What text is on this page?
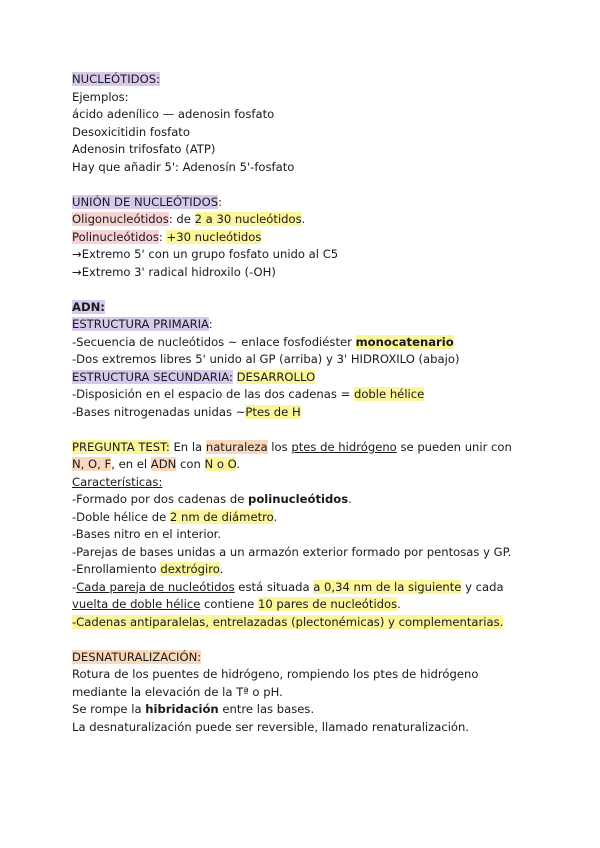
NUCLEÓTIDOS:
Ejemplos:
ácido adenílico — adenosin fosfato
Desoxicitidin fosfato
Adenosin trifosfato (ATP)
Hay que añadir 5': Adenosín 5'-fosfato
UNIÓN DE NUCLEÓTIDOS:
Oligonucleótidos: de 2 a 30 nucleótidos.
Polinucleótidos: +30 nucleótidos
→Extremo 5' con un grupo fosfato unido al C5
→Extremo 3' radical hidroxilo (-OH)
ADN:
ESTRUCTURA PRIMARIA:
-Secuencia de nucleótidos ~ enlace fosfodiéster monocatenario
-Dos extremos libres 5' unido al GP (arriba) y 3' HIDROXILO (abajo)
ESTRUCTURA SECUNDARIA: DESARROLLO
-Disposición en el espacio de las dos cadenas = doble hélice
-Bases nitrogenadas unidas ~Ptes de H
PREGUNTA TEST: En la naturaleza los ptes de hidrógeno se pueden unir con
N, O, F, en el ADN con N o O.
Características:
-Formado por dos cadenas de polinucleótidos.
-Doble hélice de 2 nm de diámetro.
-Bases nitro en el interior.
-Parejas de bases unidas a un armazón exterior formado por pentosas y GP.
-Enrollamiento dextrógiro.
-Cada pareja de nucleótidos está situada a 0,34 nm de la siguiente y cada
vuelta de doble hélice contiene 10 pares de nucleótidos.
-Cadenas antiparalelas, entrelazadas (plectonémicas) y complementarias.
DESNATURALIZACIÓN:
Rotura de los puentes de hidrógeno, rompiendo los ptes de hidrógeno
mediante la elevación de la Tª o pH.
Se rompe la hibridación entre las bases.
La desnaturalización puede ser reversible, llamado renaturalización.
